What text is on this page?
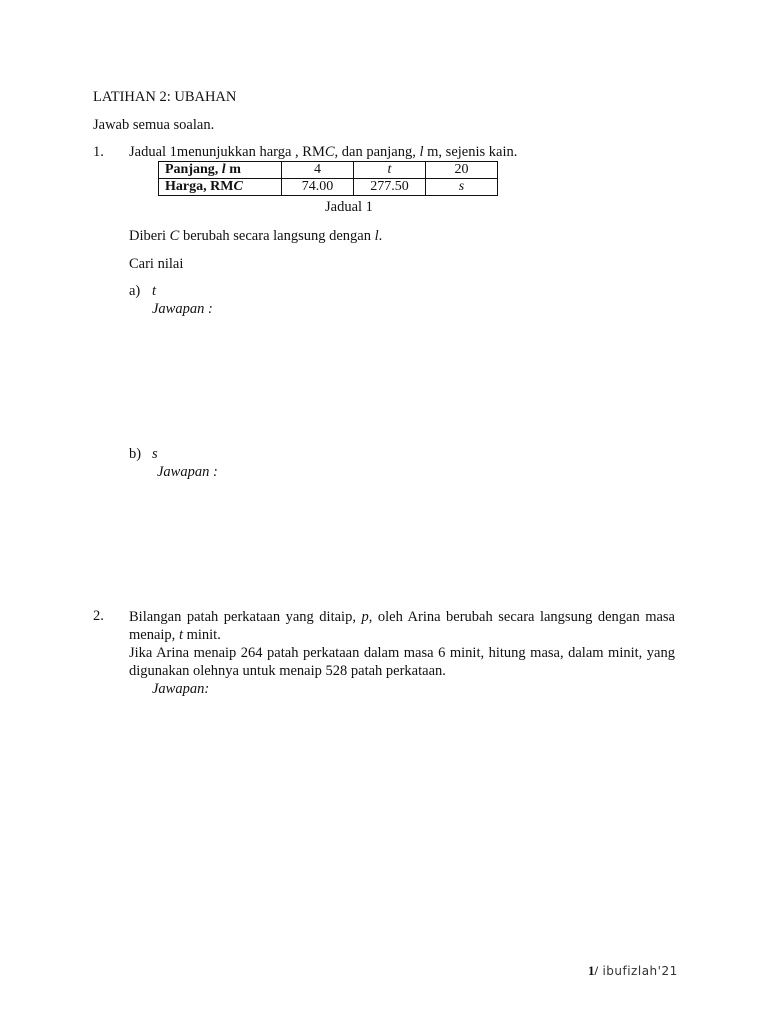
LATIHAN 2: UBAHAN
Jawab semua soalan.
1. Jadual 1menunjukkan harga , RMC, dan panjang, l m, sejenis kain.
Panjang, l m	4	t	20
Harga, RMC	74.00	277.50	s
Jadual 1
Diberi C berubah secara langsung dengan l.
Cari nilai
a) t
Jawapan :
b) s
Jawapan :
2. Bilangan patah perkataan yang ditaip, p, oleh Arina berubah secara langsung dengan masa menaip, t minit.
Jika Arina menaip 264 patah perkataan dalam masa 6 minit, hitung masa, dalam minit, yang digunakan olehnya untuk menaip 528 patah perkataan.
Jawapan:
1/ ibufizlah'21
